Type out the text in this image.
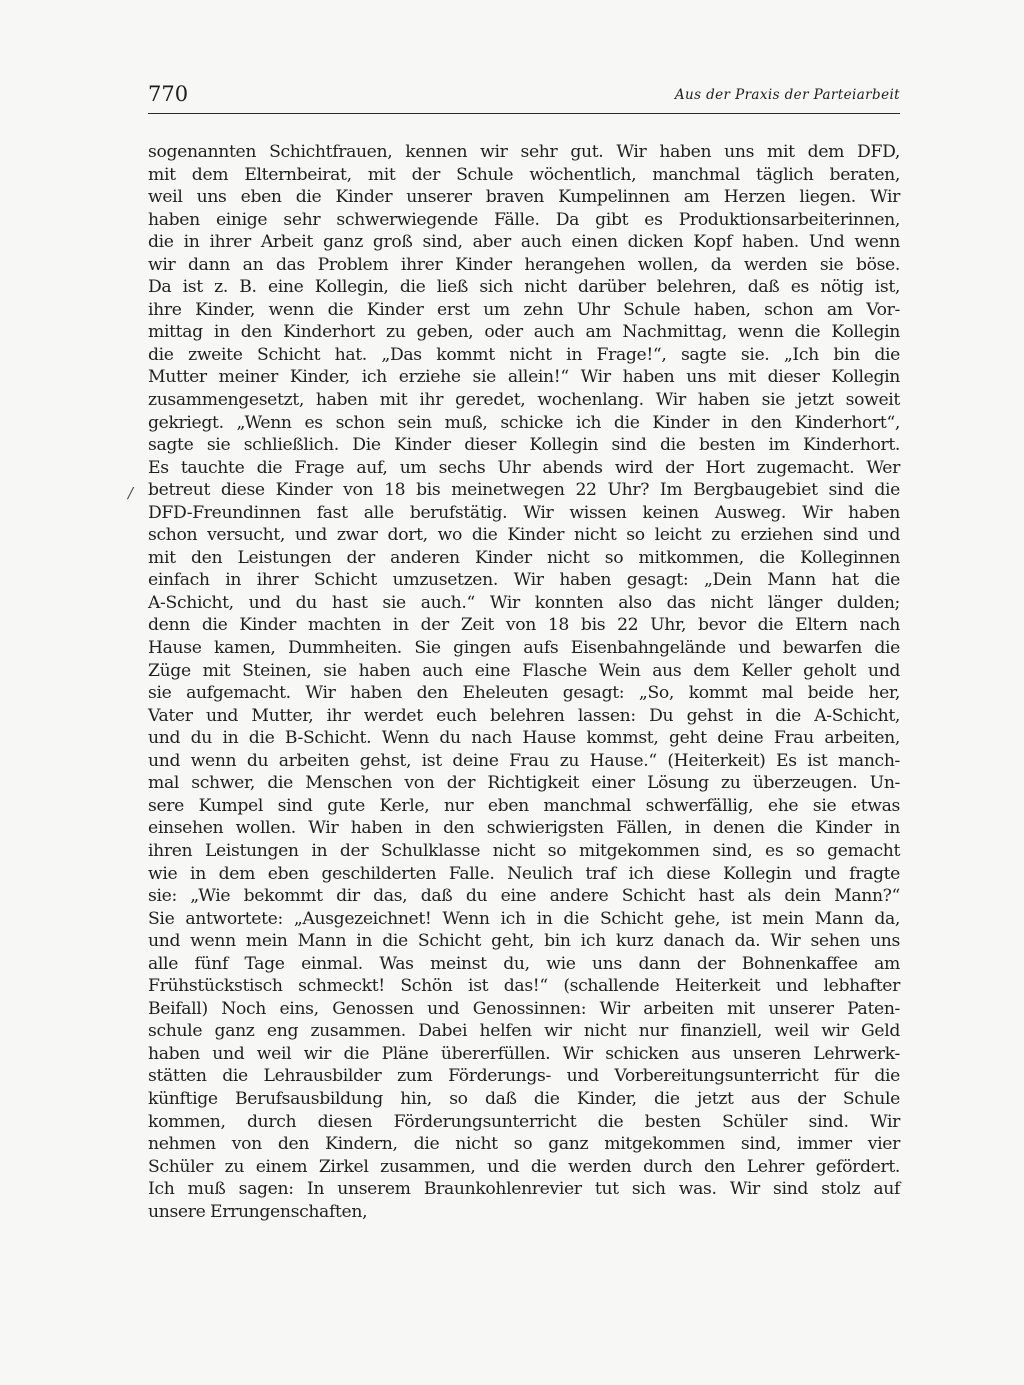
770	Aus der Praxis der Parteiarbeit
/
sogenannten Schichtfrauen, kennen wir sehr gut. Wir haben uns mit dem DFD,
mit dem Elternbeirat, mit der Schule wöchentlich, manchmal täglich beraten,
weil uns eben die Kinder unserer braven Kumpelinnen am Herzen liegen. Wir
haben einige sehr schwerwiegende Fälle. Da gibt es Produktionsarbeiterinnen,
die in ihrer Arbeit ganz groß sind, aber auch einen dicken Kopf haben. Und wenn
wir dann an das Problem ihrer Kinder herangehen wollen, da werden sie böse.
Da ist z. B. eine Kollegin, die ließ sich nicht darüber belehren, daß es nötig ist,
ihre Kinder, wenn die Kinder erst um zehn Uhr Schule haben, schon am Vor-
mittag in den Kinderhort zu geben, oder auch am Nachmittag, wenn die Kollegin
die zweite Schicht hat. „Das kommt nicht in Frage!“, sagte sie. „Ich bin die
Mutter meiner Kinder, ich erziehe sie allein!“ Wir haben uns mit dieser Kollegin
zusammengesetzt, haben mit ihr geredet, wochenlang. Wir haben sie jetzt soweit
gekriegt. „Wenn es schon sein muß, schicke ich die Kinder in den Kinderhort“,
sagte sie schließlich. Die Kinder dieser Kollegin sind die besten im Kinderhort.
Es tauchte die Frage auf, um sechs Uhr abends wird der Hort zugemacht. Wer
betreut diese Kinder von 18 bis meinetwegen 22 Uhr? Im Bergbaugebiet sind die
DFD-Freundinnen fast alle berufstätig. Wir wissen keinen Ausweg. Wir haben
schon versucht, und zwar dort, wo die Kinder nicht so leicht zu erziehen sind und
mit den Leistungen der anderen Kinder nicht so mitkommen, die Kolleginnen
einfach in ihrer Schicht umzusetzen. Wir haben gesagt: „Dein Mann hat die
A-Schicht, und du hast sie auch.“ Wir konnten also das nicht länger dulden;
denn die Kinder machten in der Zeit von 18 bis 22 Uhr, bevor die Eltern nach
Hause kamen, Dummheiten. Sie gingen aufs Eisenbahngelände und bewarfen die
Züge mit Steinen, sie haben auch eine Flasche Wein aus dem Keller geholt und
sie aufgemacht. Wir haben den Eheleuten gesagt: „So, kommt mal beide her,
Vater und Mutter, ihr werdet euch belehren lassen: Du gehst in die A-Schicht,
und du in die B-Schicht. Wenn du nach Hause kommst, geht deine Frau arbeiten,
und wenn du arbeiten gehst, ist deine Frau zu Hause.“ (Heiterkeit) Es ist manch-
mal schwer, die Menschen von der Richtigkeit einer Lösung zu überzeugen. Un-
sere Kumpel sind gute Kerle, nur eben manchmal schwerfällig, ehe sie etwas
einsehen wollen. Wir haben in den schwierigsten Fällen, in denen die Kinder in
ihren Leistungen in der Schulklasse nicht so mitgekommen sind, es so gemacht
wie in dem eben geschilderten Falle. Neulich traf ich diese Kollegin und fragte
sie: „Wie bekommt dir das, daß du eine andere Schicht hast als dein Mann?“
Sie antwortete: „Ausgezeichnet! Wenn ich in die Schicht gehe, ist mein Mann da,
und wenn mein Mann in die Schicht geht, bin ich kurz danach da. Wir sehen uns
alle fünf Tage einmal. Was meinst du, wie uns dann der Bohnenkaffee am
Frühstückstisch schmeckt! Schön ist das!“ (schallende Heiterkeit und lebhafter
Beifall) Noch eins, Genossen und Genossinnen: Wir arbeiten mit unserer Paten-
schule ganz eng zusammen. Dabei helfen wir nicht nur finanziell, weil wir Geld
haben und weil wir die Pläne übererfüllen. Wir schicken aus unseren Lehrwerk-
stätten die Lehrausbilder zum Förderungs- und Vorbereitungsunterricht für die
künftige Berufsausbildung hin, so daß die Kinder, die jetzt aus der Schule
kommen, durch diesen Förderungsunterricht die besten Schüler sind. Wir
nehmen von den Kindern, die nicht so ganz mitgekommen sind, immer vier
Schüler zu einem Zirkel zusammen, und die werden durch den Lehrer gefördert.
Ich muß sagen: In unserem Braunkohlenrevier tut sich was. Wir sind stolz auf
unsere Errungenschaften,
